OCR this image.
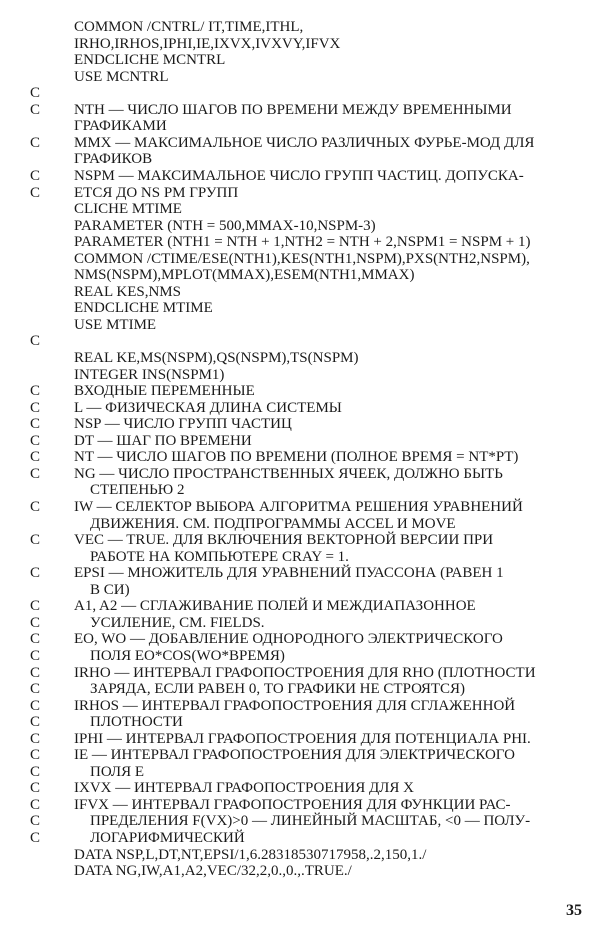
COMMON /CNTRL/ IT,TIME,ITHL,
IRHO,IRHOS,IPHI,IE,IXVX,IVXVY,IFVX
ENDCLICHE MCNTRL
USE MCNTRL
C
C NTH — ЧИСЛО ШАГОВ ПО ВРЕМЕНИ МЕЖДУ ВРЕМЕННЫМИ
ГРАФИКАМИ
C MMX — МАКСИМАЛЬНОЕ ЧИСЛО РАЗЛИЧНЫХ ФУРЬЕ-МОД ДЛЯ
ГРАФИКОВ
C NSPM — МАКСИМАЛЬНОЕ ЧИСЛО ГРУПП ЧАСТИЦ. ДОПУСКА-
C ЕТСЯ ДО NS PM ГРУПП
CLICHE MTIME
PARAMETER (NTH = 500,MMAX-10,NSPM-3)
PARAMETER (NTH1 = NTH + 1,NTH2 = NTH + 2,NSPM1 = NSPM + 1)
COMMON /CTIME/ESE(NTH1),KES(NTH1,NSPM),PXS(NTH2,NSPM),
NMS(NSPM),MPLOT(MMAX),ESEM(NTH1,MMAX)
REAL KES,NMS
ENDCLICHE MTIME
USE MTIME
C
REAL KE,MS(NSPM),QS(NSPM),TS(NSPM)
INTEGER INS(NSPM1)
C ВХОДНЫЕ ПЕРЕМЕННЫЕ
C L — ФИЗИЧЕСКАЯ ДЛИНА СИСТЕМЫ
C NSP — ЧИСЛО ГРУПП ЧАСТИЦ
C DT — ШАГ ПО ВРЕМЕНИ
C NT — ЧИСЛО ШАГОВ ПО ВРЕМЕНИ (ПОЛНОЕ ВРЕМЯ = NT*PT)
C NG — ЧИСЛО ПРОСТРАНСТВЕННЫХ ЯЧЕЕК, ДОЛЖНО БЫТЬ
СТЕПЕНЬЮ 2
C IW — СЕЛЕКТОР ВЫБОРА АЛГОРИТМА РЕШЕНИЯ УРАВНЕНИЙ
ДВИЖЕНИЯ. СМ. ПОДПРОГРАММЫ ACCEL И MOVE
C VEC — TRUE. ДЛЯ ВКЛЮЧЕНИЯ ВЕКТОРНОЙ ВЕРСИИ ПРИ
РАБОТЕ НА КОМПЬЮТЕРЕ CRAY = 1.
C EPSI — МНОЖИТЕЛЬ ДЛЯ УРАВНЕНИЙ ПУАССОНА (РАВЕН 1
В СИ)
C A1, A2 — СГЛАЖИВАНИЕ ПОЛЕЙ И МЕЖДИАПАЗОННОЕ
C	УСИЛЕНИЕ, СМ. FIELDS.
C EO, WO — ДОБАВЛЕНИЕ ОДНОРОДНОГО ЭЛЕКТРИЧЕСКОГО
C	ПОЛЯ EO*COS(WO*ВРЕМЯ)
C IRHO — ИНТЕРВАЛ ГРАФОПОСТРОЕНИЯ ДЛЯ RHO (ПЛОТНОСТИ
C	ЗАРЯДА, ЕСЛИ РАВЕН 0, ТО ГРАФИКИ НЕ СТРОЯТСЯ)
C IRHOS — ИНТЕРВАЛ ГРАФОПОСТРОЕНИЯ ДЛЯ СГЛАЖЕННОЙ
C	ПЛОТНОСТИ
C IPHI — ИНТЕРВАЛ ГРАФОПОСТРОЕНИЯ ДЛЯ ПОТЕНЦИАЛА PHI.
C IE — ИНТЕРВАЛ ГРАФОПОСТРОЕНИЯ ДЛЯ ЭЛЕКТРИЧЕСКОГО
C	ПОЛЯ E
C IXVX — ИНТЕРВАЛ ГРАФОПОСТРОЕНИЯ ДЛЯ X
C IFVX — ИНТЕРВАЛ ГРАФОПОСТРОЕНИЯ ДЛЯ ФУНКЦИИ РАС-
C	ПРЕДЕЛЕНИЯ F(VX)>0 — ЛИНЕЙНЫЙ МАСШТАБ, <0 — ПОЛУ-
C	ЛОГАРИФМИЧЕСКИЙ
DATA NSP,L,DT,NT,EPSI/1,6.28318530717958,.2,150,1./
DATA NG,IW,A1,A2,VEC/32,2,0.,0.,.TRUE./
35
